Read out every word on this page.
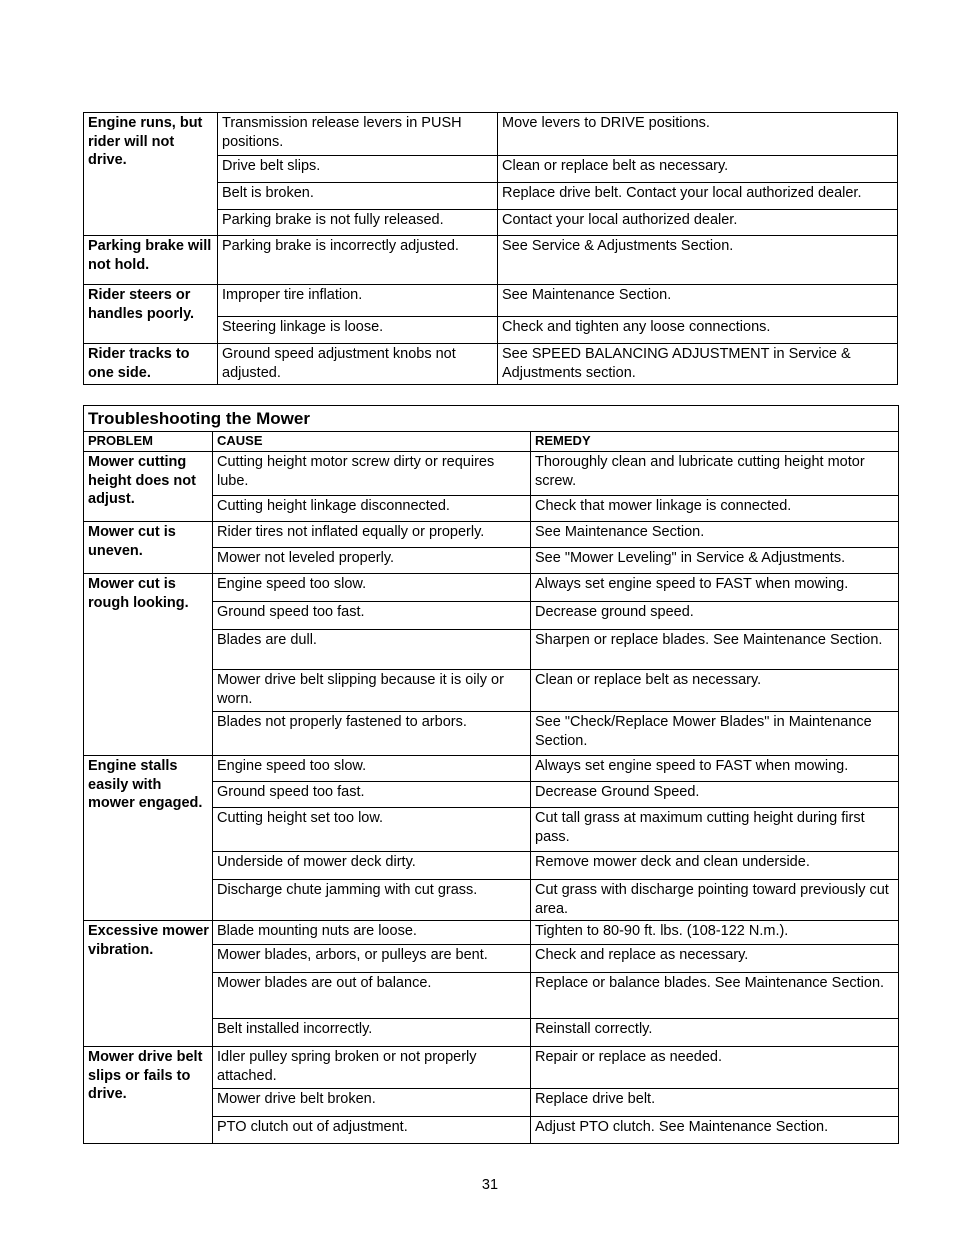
Engine runs, but rider will not drive.	Transmission release levers in PUSH positions.	Move levers to DRIVE positions.
	Drive belt slips.	Clean or replace belt as necessary.
	Belt is broken.	Replace drive belt. Contact your local authorized dealer.
	Parking brake is not fully released.	Contact your local authorized dealer.
Parking brake will not hold.	Parking brake is incorrectly adjusted.	See Service & Adjustments Section.
Rider steers or handles poorly.	Improper tire inflation.	See Maintenance Section.
	Steering linkage is loose.	Check and tighten any loose connections.
Rider tracks to one side.	Ground speed adjustment knobs not adjusted.	See SPEED BALANCING ADJUSTMENT in Service & Adjustments section.
Troubleshooting the Mower		
PROBLEM	CAUSE	REMEDY
Mower cutting height does not adjust.	Cutting height motor screw dirty or requires lube.	Thoroughly clean and lubricate cutting height motor screw.
	Cutting height linkage disconnected.	Check that mower linkage is connected.
Mower cut is uneven.	Rider tires not inflated equally or properly.	See Maintenance Section.
	Mower not leveled properly.	See "Mower Leveling" in Service & Adjustments.
Mower cut is rough looking.	Engine speed too slow.	Always set engine speed to FAST when mowing.
	Ground speed too fast.	Decrease ground speed.
	Blades are dull.	Sharpen or replace blades. See Maintenance Section.
	Mower drive belt slipping because it is oily or worn.	Clean or replace belt as necessary.
	Blades not properly fastened to arbors.	See "Check/Replace Mower Blades" in Maintenance Section.
Engine stalls easily with mower engaged.	Engine speed too slow.	Always set engine speed to FAST when mowing.
	Ground speed too fast.	Decrease Ground Speed.
	Cutting height set too low.	Cut tall grass at maximum cutting height during first pass.
	Underside of mower deck dirty.	Remove mower deck and clean underside.
	Discharge chute jamming with cut grass.	Cut grass with discharge pointing toward previously cut area.
Excessive mower vibration.	Blade mounting nuts are loose.	Tighten to 80-90 ft. lbs. (108-122 N.m.).
	Mower blades, arbors, or pulleys are bent.	Check and replace as necessary.
	Mower blades are out of balance.	Replace or balance blades. See Maintenance Section.
	Belt installed incorrectly.	Reinstall correctly.
Mower drive belt slips or fails to drive.	Idler pulley spring broken or not properly attached.	Repair or replace as needed.
	Mower drive belt broken.	Replace drive belt.
	PTO clutch out of adjustment.	Adjust PTO clutch. See Maintenance Section.
31
